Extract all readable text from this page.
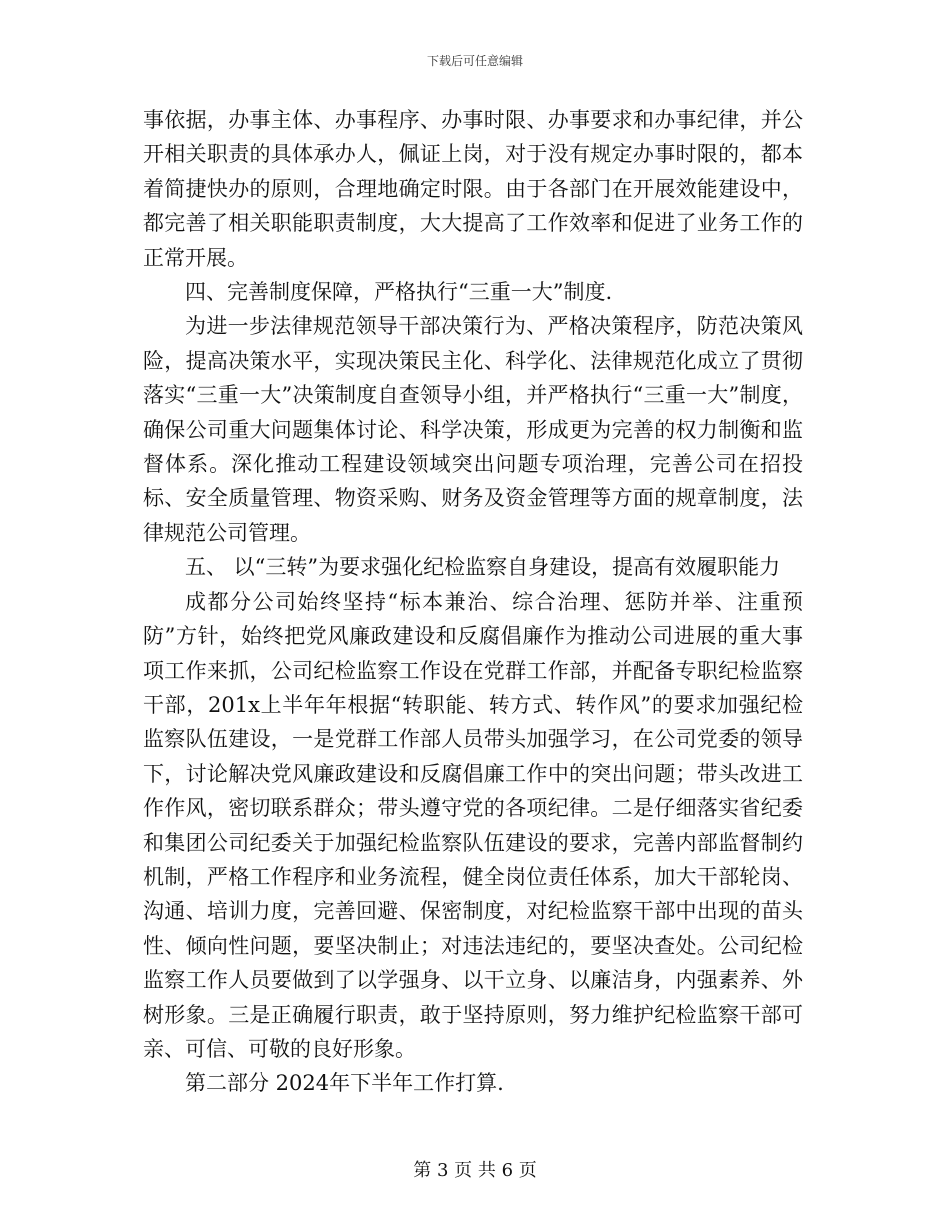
下载后可任意编辑

事依据，办事主体、办事程序、办事时限、办事要求和办事纪律，并公开相关职责的具体承办人，佩证上岗，对于没有规定办事时限的，都本着简捷快办的原则，合理地确定时限。由于各部门在开展效能建设中，都完善了相关职能职责制度，大大提高了工作效率和促进了业务工作的正常开展。

四、完善制度保障，严格执行“三重一大”制度.

为进一步法律规范领导干部决策行为、严格决策程序，防范决策风险，提高决策水平，实现决策民主化、科学化、法律规范化成立了贯彻落实“三重一大”决策制度自查领导小组，并严格执行“三重一大”制度，确保公司重大问题集体讨论、科学决策，形成更为完善的权力制衡和监督体系。深化推动工程建设领域突出问题专项治理，完善公司在招投标、安全质量管理、物资采购、财务及资金管理等方面的规章制度，法律规范公司管理。

五、 以“三转”为要求强化纪检监察自身建设，提高有效履职能力

成都分公司始终坚持“标本兼治、综合治理、惩防并举、注重预防”方针，始终把党风廉政建设和反腐倡廉作为推动公司进展的重大事项工作来抓，公司纪检监察工作设在党群工作部，并配备专职纪检监察干部，201x上半年年根据“转职能、转方式、转作风”的要求加强纪检监察队伍建设，一是党群工作部人员带头加强学习，在公司党委的领导下，讨论解决党风廉政建设和反腐倡廉工作中的突出问题；带头改进工作作风，密切联系群众；带头遵守党的各项纪律。二是仔细落实省纪委和集团公司纪委关于加强纪检监察队伍建设的要求，完善内部监督制约机制，严格工作程序和业务流程，健全岗位责任体系，加大干部轮岗、沟通、培训力度，完善回避、保密制度，对纪检监察干部中出现的苗头性、倾向性问题，要坚决制止；对违法违纪的，要坚决查处。公司纪检监察工作人员要做到了以学强身、以干立身、以廉洁身，内强素养、外树形象。三是正确履行职责，敢于坚持原则，努力维护纪检监察干部可亲、可信、可敬的良好形象。

第二部分 2024年下半年工作打算.

第 3 页 共 6 页
